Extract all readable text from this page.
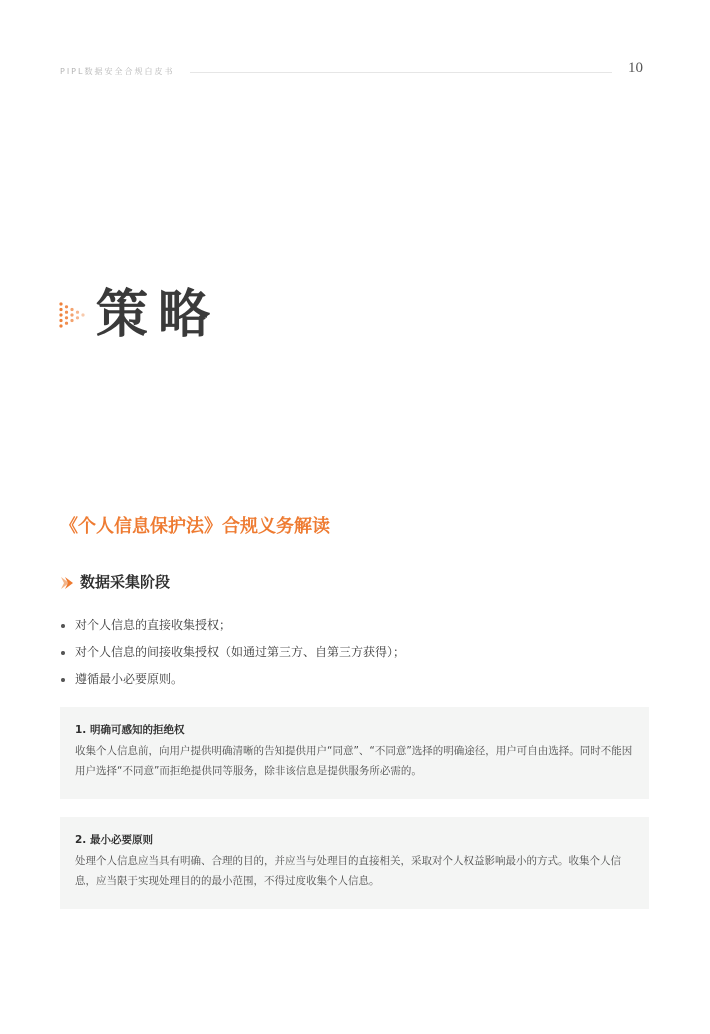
PIPL数据安全合规白皮书	10
策略
《个人信息保护法》合规义务解读
数据采集阶段
对个人信息的直接收集授权；
对个人信息的间接收集授权（如通过第三方、自第三方获得）；
遵循最小必要原则。
1. 明确可感知的拒绝权
收集个人信息前，向用户提供明确清晰的告知提供用户“同意”、“不同意”选择的明确途径，用户可自由选择。同时不能因用户选择“不同意”而拒绝提供同等服务，除非该信息是提供服务所必需的。
2. 最小必要原则
处理个人信息应当具有明确、合理的目的，并应当与处理目的直接相关，采取对个人权益影响最小的方式。收集个人信息，应当限于实现处理目的的最小范围，不得过度收集个人信息。
